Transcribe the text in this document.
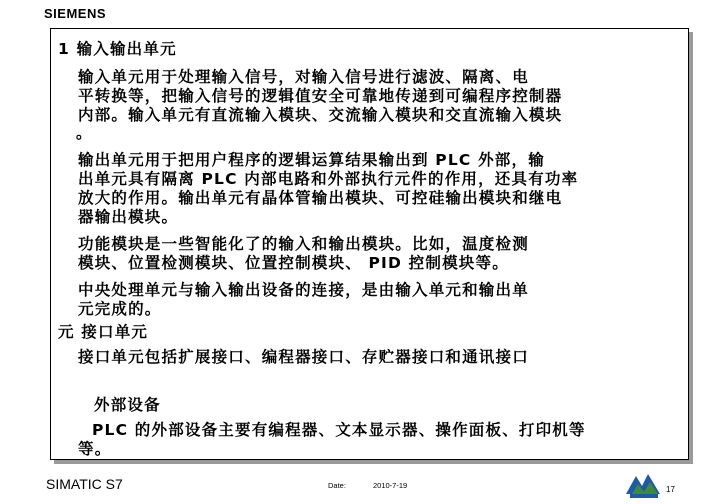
SIEMENS
1 输入输出单元
输入单元用于处理输入信号，对输入信号进行滤波、隔离、电
平转换等，把输入信号的逻辑值安全可靠地传递到可编程序控制器
内部。输入单元有直流输入模块、交流输入模块和交直流输入模块
。
输出单元用于把用户程序的逻辑运算结果输出到 PLC 外部，输
出单元具有隔离 PLC 内部电路和外部执行元件的作用，还具有功率
放大的作用。输出单元有晶体管输出模块、可控硅输出模块和继电
器输出模块。
功能模块是一些智能化了的输入和输出模块。比如，温度检测
模块、位置检测模块、位置控制模块、 PID 控制模块等。
中央处理单元与输入输出设备的连接，是由输入单元和输出单
元完成的。
元 接口单元
接口单元包括扩展接口、编程器接口、存贮器接口和通讯接口
外部设备
PLC 的外部设备主要有编程器、文本显示器、操作面板、打印机等
等。
SIMATIC S7	Date:	2010-7-19	17
